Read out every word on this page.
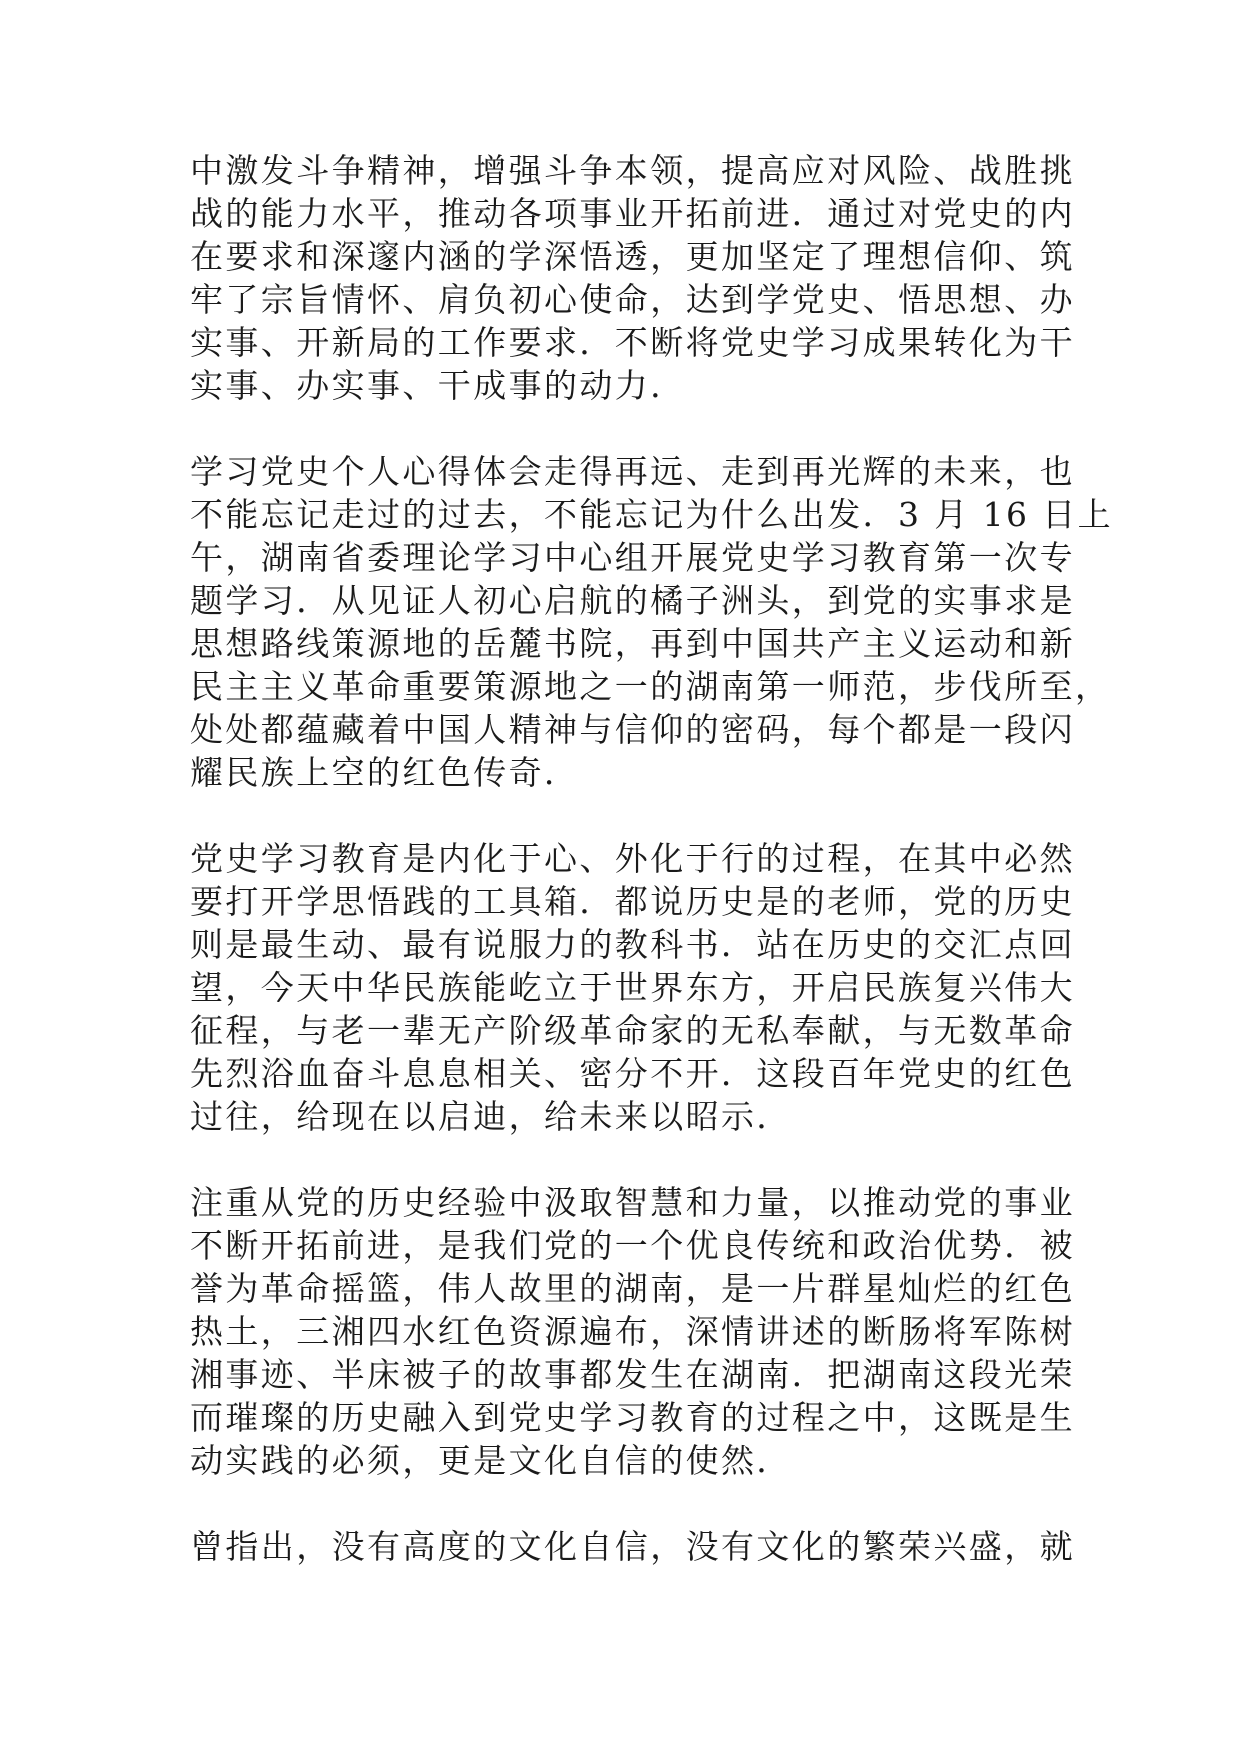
中激发斗争精神，增强斗争本领，提高应对风险、战胜挑
战的能力水平，推动各项事业开拓前进．通过对党史的内
在要求和深邃内涵的学深悟透，更加坚定了理想信仰、筑
牢了宗旨情怀、肩负初心使命，达到学党史、悟思想、办
实事、开新局的工作要求．不断将党史学习成果转化为干
实事、办实事、干成事的动力．

学习党史个人心得体会走得再远、走到再光辉的未来，也
不能忘记走过的过去，不能忘记为什么出发．3 月 16 日上
午，湖南省委理论学习中心组开展党史学习教育第一次专
题学习．从见证人初心启航的橘子洲头，到党的实事求是
思想路线策源地的岳麓书院，再到中国共产主义运动和新
民主主义革命重要策源地之一的湖南第一师范，步伐所至，
处处都蕴藏着中国人精神与信仰的密码，每个都是一段闪
耀民族上空的红色传奇．

党史学习教育是内化于心、外化于行的过程，在其中必然
要打开学思悟践的工具箱．都说历史是的老师，党的历史
则是最生动、最有说服力的教科书．站在历史的交汇点回
望，今天中华民族能屹立于世界东方，开启民族复兴伟大
征程，与老一辈无产阶级革命家的无私奉献，与无数革命
先烈浴血奋斗息息相关、密分不开．这段百年党史的红色
过往，给现在以启迪，给未来以昭示．

注重从党的历史经验中汲取智慧和力量，以推动党的事业
不断开拓前进，是我们党的一个优良传统和政治优势．被
誉为革命摇篮，伟人故里的湖南，是一片群星灿烂的红色
热土，三湘四水红色资源遍布，深情讲述的断肠将军陈树
湘事迹、半床被子的故事都发生在湖南．把湖南这段光荣
而璀璨的历史融入到党史学习教育的过程之中，这既是生
动实践的必须，更是文化自信的使然．

曾指出，没有高度的文化自信，没有文化的繁荣兴盛，就
